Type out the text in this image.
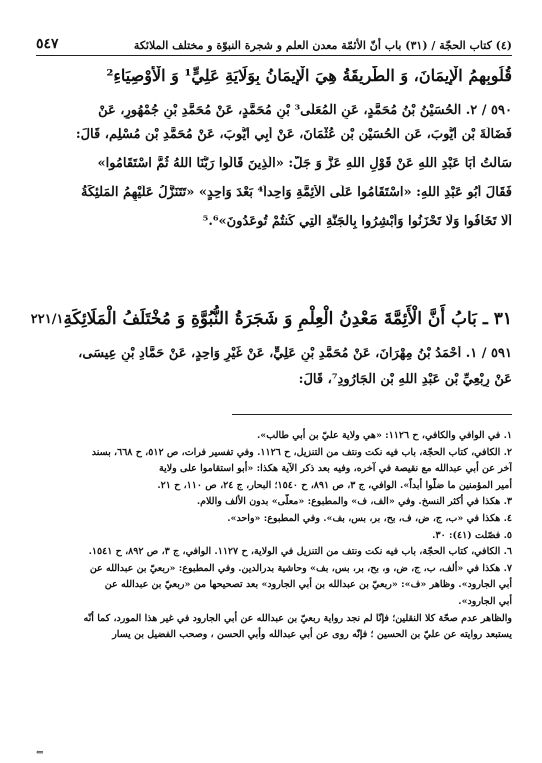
(٤) كتاب الحجّة / (٣١) باب أنّ الأئمّة معدن العلم و شجرة النبوّة و مختلف الملائكة
٥٤٧
قُلُوبِهِمُ الْإِيمَانَ، وَ الطَّرِيقَةُ هِيَ الْإِيمَانُ بِوَلَايَةِ عَلِيٍّ¹ وَ الْأَوْصِيَاءِ²
٥٩٠ / ٢. الْحُسَيْنُ بْنُ مُحَمَّدٍ، عَنِ الْمُعَلَّى³ بْنِ مُحَمَّدٍ، عَنْ مُحَمَّدِ بْنِ جُمْهُورٍ، عَنْ
فَضَالَةَ بْنِ أَيُّوبَ، عَنِ الْحُسَيْنِ بْنِ عُثْمَانَ، عَنْ أَبِي أَيُّوبَ، عَنْ مُحَمَّدِ بْنِ مُسْلِمٍ، قَالَ:
سَأَلْتُ أَبَا عَبْدِ اللهِ عَنْ قَوْلِ اللهِ عَزَّ وَ جَلَّ: «الَّذِينَ قَالُوا رَبُّنَا اللهُ ثُمَّ اسْتَقَامُوا»
فَقَالَ أَبُو عَبْدِ اللهِ: «اسْتَقَامُوا عَلَى الْأَئِمَّةِ وَاحِداً⁴ بَعْدَ وَاحِدٍ» «تَتَنَزَّلُ عَلَيْهِمُ الْمَلٰئِكَةُ
أَلَّا تَخَافُوا وَلَا تَحْزَنُوا وَأَبْشِرُوا بِالْجَنَّةِ الَّتِي كُنتُمْ تُوعَدُونَ»⁵.⁶
٣١ ـ بَابُ أَنَّ الْأَئِمَّةَ مَعْدِنُ الْعِلْمِ وَ شَجَرَةُ النُّبُوَّةِ وَ مُخْتَلَفُ الْمَلَائِكَةِ
٢٢١/١
٥٩١ / ١. أَحْمَدُ بْنُ مِهْرَانَ، عَنْ مُحَمَّدِ بْنِ عَلِيٍّ، عَنْ غَيْرِ وَاحِدٍ، عَنْ حَمَّادِ بْنِ عِيسَى،
عَنْ رِبْعِيِّ بْنِ عَبْدِ اللهِ بْنِ الْجَارُودِ⁷، قَالَ:
١. في الوافي والكافي، ح ١١٢٦: «هي ولاية عليّ بن أبي طالب».
٢. الكافي، كتاب الحجّة، باب فيه نكت ونتف من التنزيل، ح ١١٢٦. وفي تفسير فرات، ص ٥١٢، ح ٦٦٨، بسند
آخر عن أبي عبدالله مع نقيصة في آخره، وفيه بعد ذكر الآية هكذا: «أبو استقاموا على ولاية
أمير المؤمنين ما ضلّوا أبداً». الوافي، ج ٣، ص ٨٩١، ح ١٥٤٠؛ البحار، ج ٢٤، ص ١١٠، ح ٢١.
٣. هكذا في أكثر النسخ. وفي «الف، ف» والمطبوع: «معلّى» بدون الألف واللام.
٤. هكذا في «ب، ج، ض، ف، بح، بر، بس، بف». وفي المطبوع: «واحد».
٥. فصّلت (٤١): ٣٠.
٦. الكافي، كتاب الحجّة، باب فيه نكت ونتف من التنزيل في الولاية، ح ١١٢٧. الوافي، ج ٣، ص ٨٩٢، ح ١٥٤١.
٧. هكذا في «ألف، ب، ج، ض، و، بح، بر، بس، بف» وحاشية بدرالدين. وفي المطبوع: «ربعيّ بن عبدالله عن
أبي الجارود». وظاهر «ف»: «ربعيّ بن عبدالله بن أبي الجارود» بعد تصحيحها من «ربعيّ بن عبدالله عن
أبي الجارود».
والظاهر عدم صحّة كلا النقلين؛ فإنّا لم نجد رواية ربعيّ بن عبدالله عن أبي الجارود في غير هذا المورد، كما أنّه
يستبعد روايته عن عليّ بن الحسين ؛ فإنّه روى عن أبي عبدالله وأبي الحسن ، وصحب الفضيل بن يسار
⇐
